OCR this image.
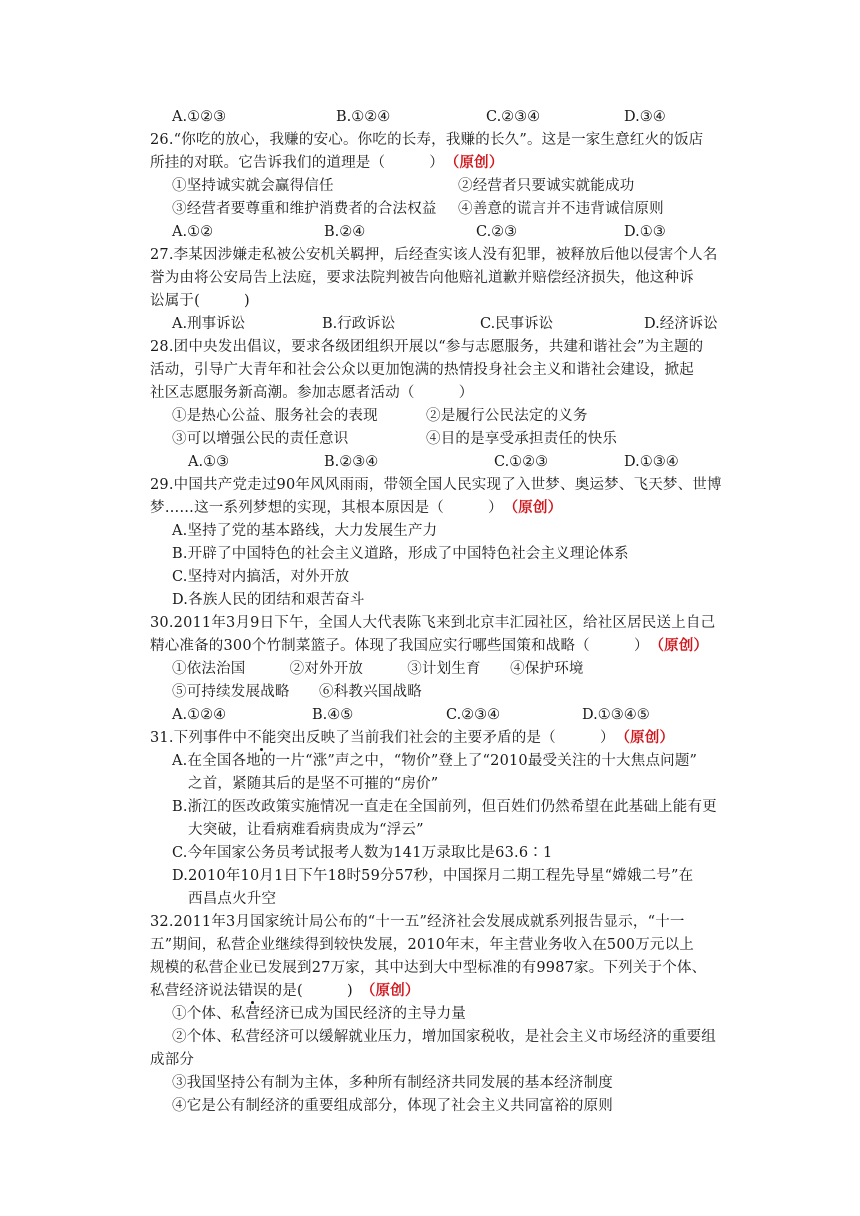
A.①②③	B.①②④	C.②③④	D.③④
26.“你吃的放心，我赚的安心。你吃的长寿，我赚的长久”。这是一家生意红火的饭店
所挂的对联。它告诉我们的道理是（　　　） （原创）
①坚持诚实就会赢得信任	②经营者只要诚实就能成功
③经营者要尊重和维护消费者的合法权益 ④善意的谎言并不违背诚信原则
A.①②	B.②④	C.②③	D.①③
27.李某因涉嫌走私被公安机关羁押，后经查实该人没有犯罪，被释放后他以侵害个人名
誉为由将公安局告上法庭，要求法院判被告向他赔礼道歉并赔偿经济损失，他这种诉
讼属于(　　　)
A.刑事诉讼	B.行政诉讼	C.民事诉讼	D.经济诉讼
28.团中央发出倡议，要求各级团组织开展以“参与志愿服务，共建和谐社会”为主题的
活动，引导广大青年和社会公众以更加饱满的热情投身社会主义和谐社会建设，掀起
社区志愿服务新高潮。参加志愿者活动（　　　）
①是热心公益、服务社会的表现	②是履行公民法定的义务
③可以增强公民的责任意识	④目的是享受承担责任的快乐
A.①③	B.②③④	C.①②③	D.①③④
29.中国共产党走过90年风风雨雨，带领全国人民实现了入世梦、奥运梦、飞天梦、世博
梦……这一系列梦想的实现，其根本原因是（　　　） （原创）
A.坚持了党的基本路线，大力发展生产力
B.开辟了中国特色的社会主义道路，形成了中国特色社会主义理论体系
C.坚持对内搞活，对外开放
D.各族人民的团结和艰苦奋斗
30.2011年3月9日下午，全国人大代表陈飞来到北京丰汇园社区，给社区居民送上自己
精心准备的300个竹制菜篮子。体现了我国应实行哪些国策和战略（　　　） （原创）
①依法治国　　　②对外开放　　　③计划生育　　④保护环境
⑤可持续发展战略　　⑥科教兴国战略
A.①②④	B.④⑤	C.②③④	D.①③④⑤
31.下列事件中不能突出反映了当前我们社会的主要矛盾的是（　　　） （原创）
A.在全国各地的一片“涨”声之中，“物价”登上了“2010最受关注的十大焦点问题”
之首，紧随其后的是坚不可摧的“房价”
B.浙江的医改政策实施情况一直走在全国前列，但百姓们仍然希望在此基础上能有更
大突破，让看病难看病贵成为“浮云”
C.今年国家公务员考试报考人数为141万录取比是63.6∶1
D.2010年10月1日下午18时59分57秒，中国探月二期工程先导星“嫦娥二号”在
西昌点火升空
32.2011年3月国家统计局公布的“十一五”经济社会发展成就系列报告显示，“十一
五”期间，私营企业继续得到较快发展，2010年末，年主营业务收入在500万元以上
规模的私营企业已发展到27万家，其中达到大中型标准的有9987家。下列关于个体、
私营经济说法错误的是(　　　) （原创）
①个体、私营经济已成为国民经济的主导力量
②个体、私营经济可以缓解就业压力，增加国家税收，是社会主义市场经济的重要组
成部分
③我国坚持公有制为主体，多种所有制经济共同发展的基本经济制度
④它是公有制经济的重要组成部分，体现了社会主义共同富裕的原则
